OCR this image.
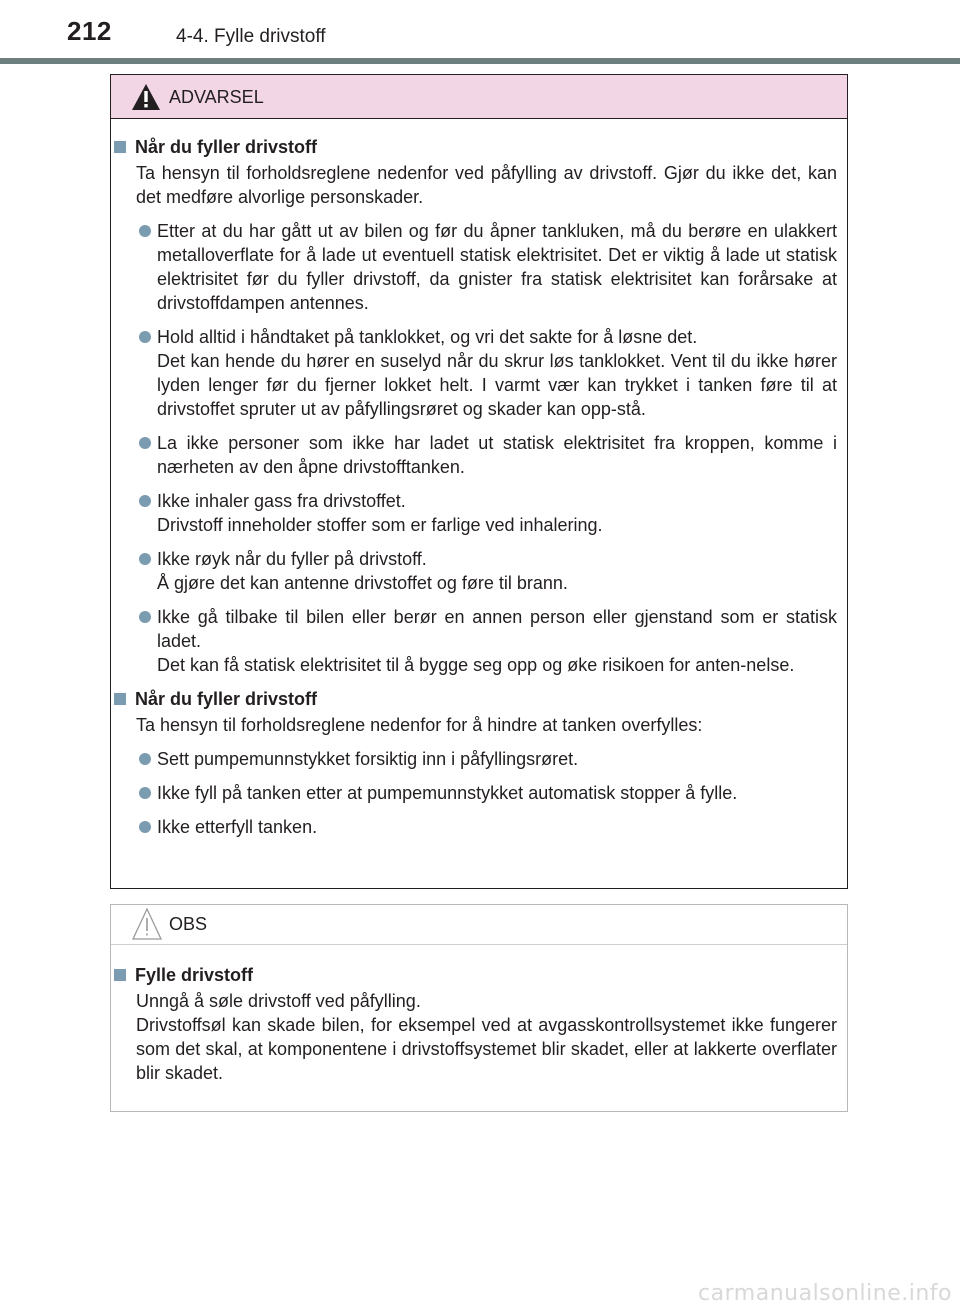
212	4-4. Fylle drivstoff
ADVARSEL
Når du fyller drivstoff
Ta hensyn til forholdsreglene nedenfor ved påfylling av drivstoff. Gjør du ikke det, kan det medføre alvorlige personskader.
Etter at du har gått ut av bilen og før du åpner tankluken, må du berøre en ulakkert metalloverflate for å lade ut eventuell statisk elektrisitet. Det er viktig å lade ut statisk elektrisitet før du fyller drivstoff, da gnister fra statisk elektrisitet kan forårsake at drivstoffdampen antennes.
Hold alltid i håndtaket på tanklokket, og vri det sakte for å løsne det.
Det kan hende du hører en suselyd når du skrur løs tanklokket. Vent til du ikke hører lyden lenger før du fjerner lokket helt. I varmt vær kan trykket i tanken føre til at drivstoffet spruter ut av påfyllingsrøret og skader kan opp-stå.
La ikke personer som ikke har ladet ut statisk elektrisitet fra kroppen, komme i nærheten av den åpne drivstofftanken.
Ikke inhaler gass fra drivstoffet.
Drivstoff inneholder stoffer som er farlige ved inhalering.
Ikke røyk når du fyller på drivstoff.
Å gjøre det kan antenne drivstoffet og føre til brann.
Ikke gå tilbake til bilen eller berør en annen person eller gjenstand som er statisk ladet.
Det kan få statisk elektrisitet til å bygge seg opp og øke risikoen for anten-nelse.
Når du fyller drivstoff
Ta hensyn til forholdsreglene nedenfor for å hindre at tanken overfylles:
Sett pumpemunnstykket forsiktig inn i påfyllingsrøret.
Ikke fyll på tanken etter at pumpemunnstykket automatisk stopper å fylle.
Ikke etterfyll tanken.
OBS
Fylle drivstoff
Unngå å søle drivstoff ved påfylling.
Drivstoffsøl kan skade bilen, for eksempel ved at avgasskontrollsystemet ikke fungerer som det skal, at komponentene i drivstoffsystemet blir skadet, eller at lakkerte overflater blir skadet.
carmanualsonline.info
